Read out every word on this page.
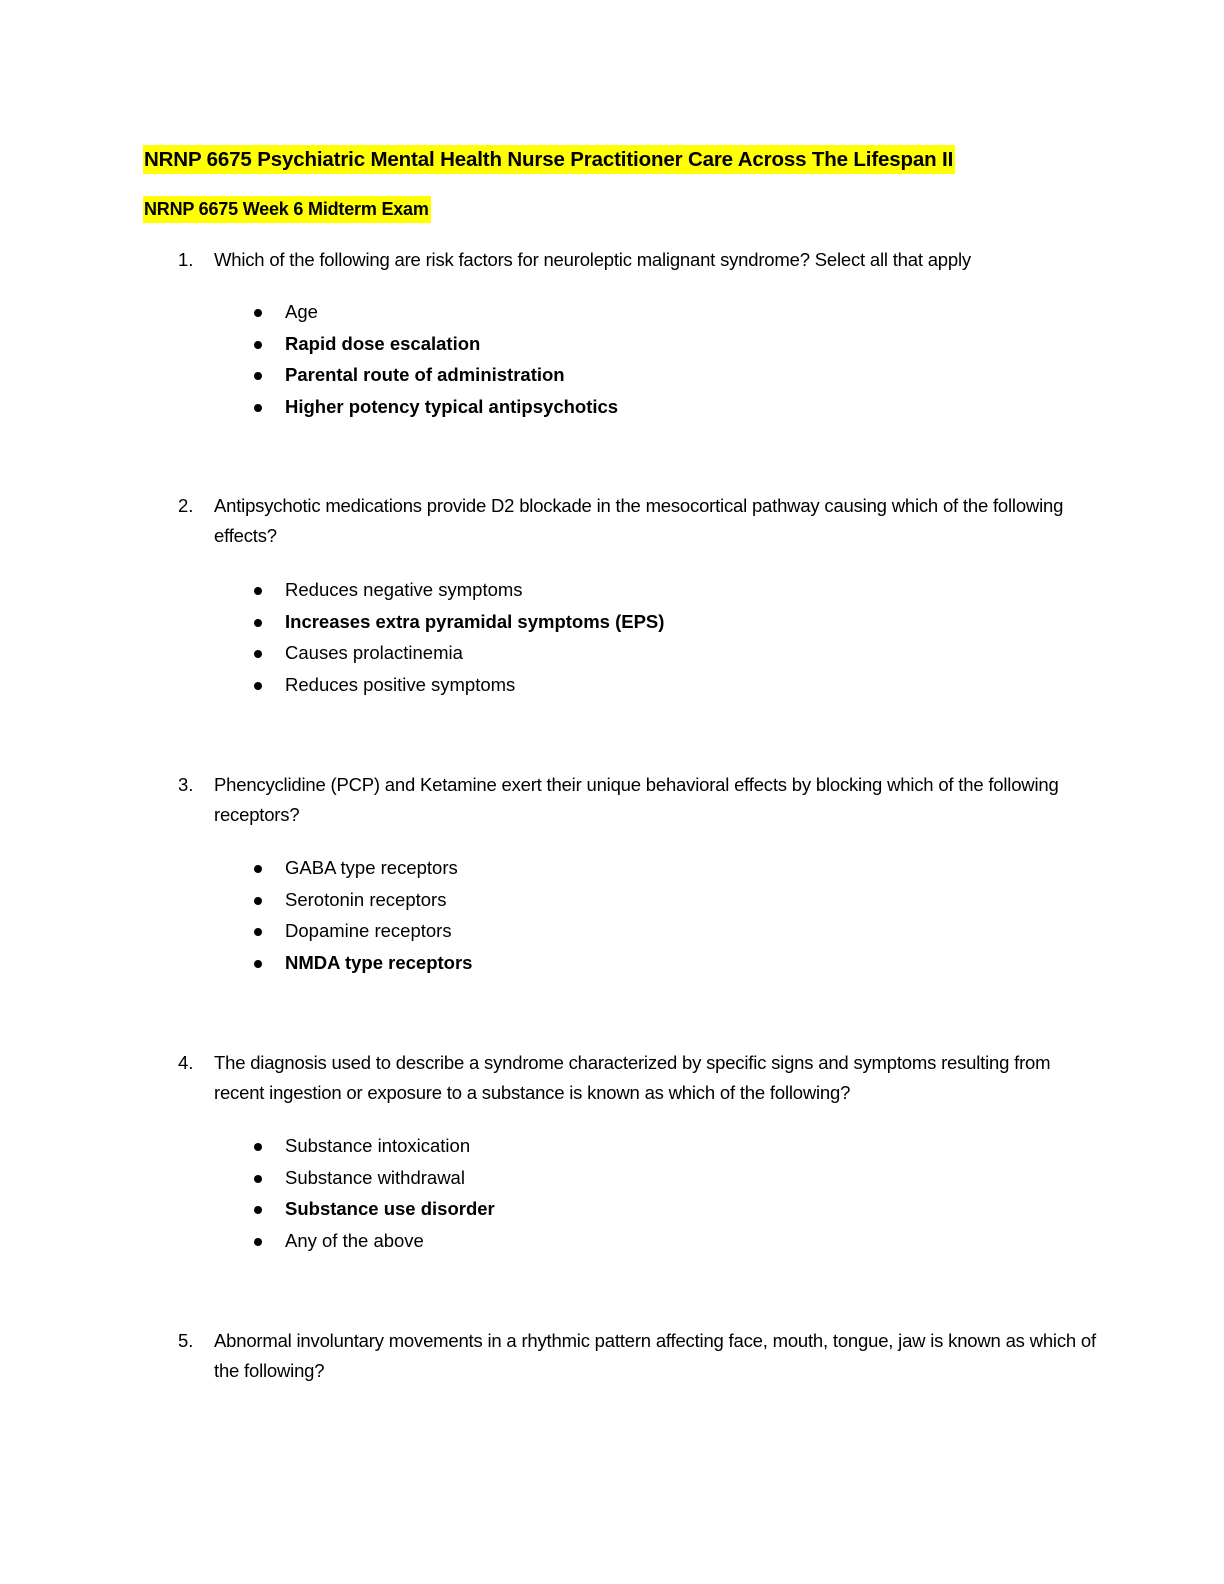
NRNP 6675 Psychiatric Mental Health Nurse Practitioner Care Across The Lifespan II
NRNP 6675 Week 6 Midterm Exam
1.	Which of the following are risk factors for neuroleptic malignant syndrome? Select all that apply
Age
Rapid dose escalation
Parental route of administration
Higher potency typical antipsychotics
2.	Antipsychotic medications provide D2 blockade in the mesocortical pathway causing which of the following effects?
Reduces negative symptoms
Increases extra pyramidal symptoms (EPS)
Causes prolactinemia
Reduces positive symptoms
3.	Phencyclidine (PCP) and Ketamine exert their unique behavioral effects by blocking which of the following receptors?
GABA type receptors
Serotonin receptors
Dopamine receptors
NMDA type receptors
4.	The diagnosis used to describe a syndrome characterized by specific signs and symptoms resulting from recent ingestion or exposure to a substance is known as which of the following?
Substance intoxication
Substance withdrawal
Substance use disorder
Any of the above
5.	Abnormal involuntary movements in a rhythmic pattern affecting face, mouth, tongue, jaw is known as which of the following?
